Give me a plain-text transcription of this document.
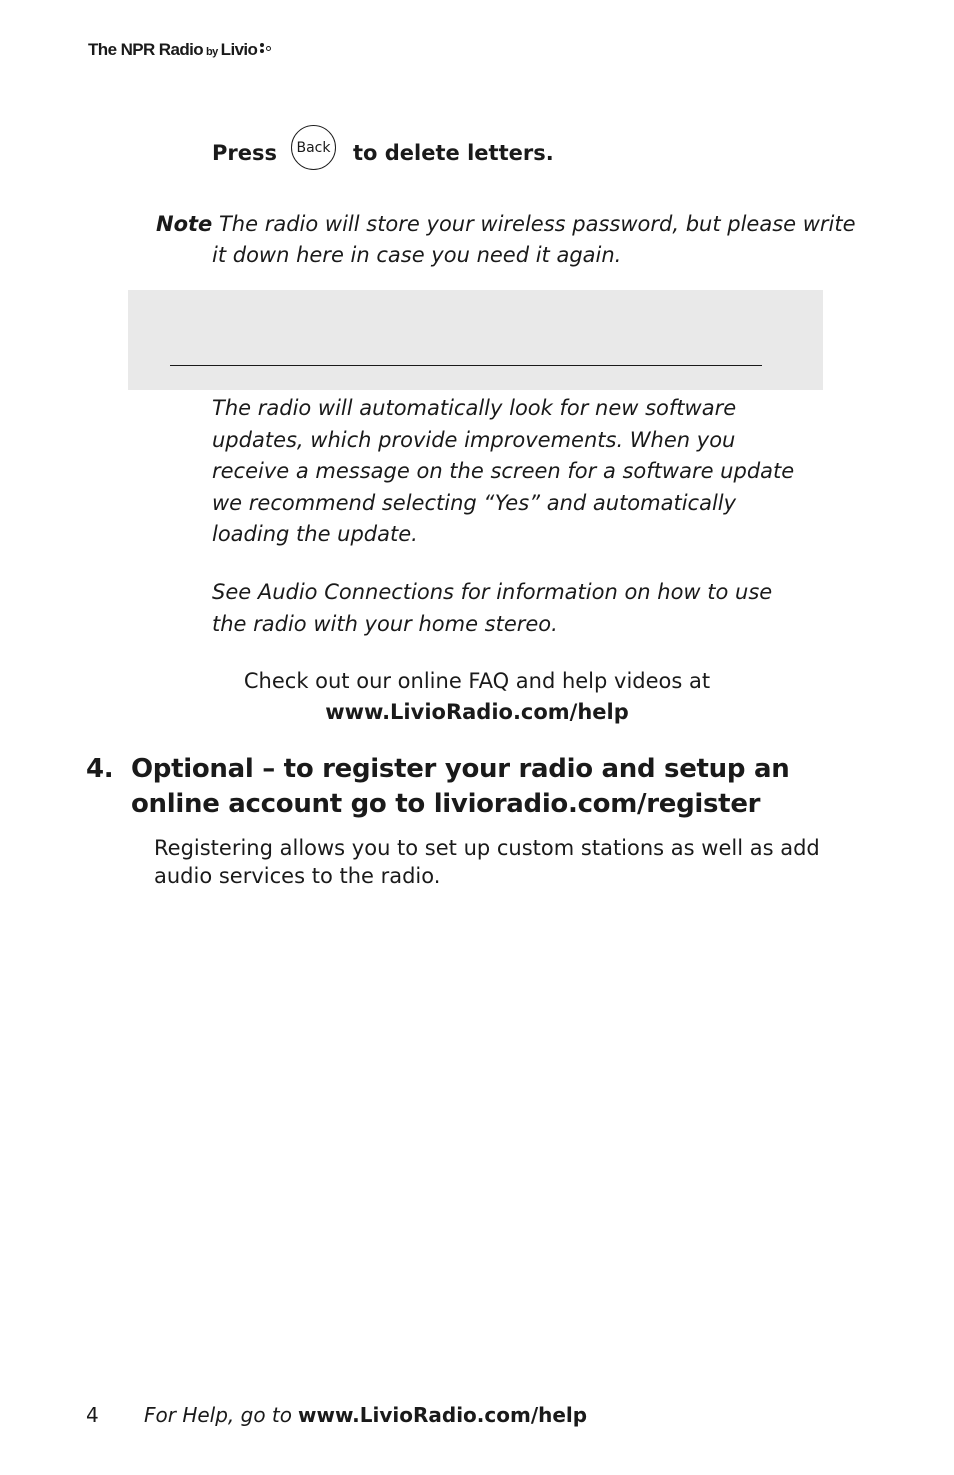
The
NPR
Radio by Livio
Press Back to delete letters.
Note The radio will store your wireless password, but please write it down here in case you need it again.
The radio will automatically look for new software updates, which provide improvements. When you receive a message on the screen for a software update we recommend selecting “Yes” and automatically loading the update.
See Audio Connections for information on how to use the radio with your home stereo.
Check out our online FAQ and help videos at
www.LivioRadio.com/help
4. Optional – to register your radio and setup an online account go to livioradio.com/register
Registering allows you to set up custom stations as well as add audio services to the radio.
4	For Help, go to www.LivioRadio.com/help
